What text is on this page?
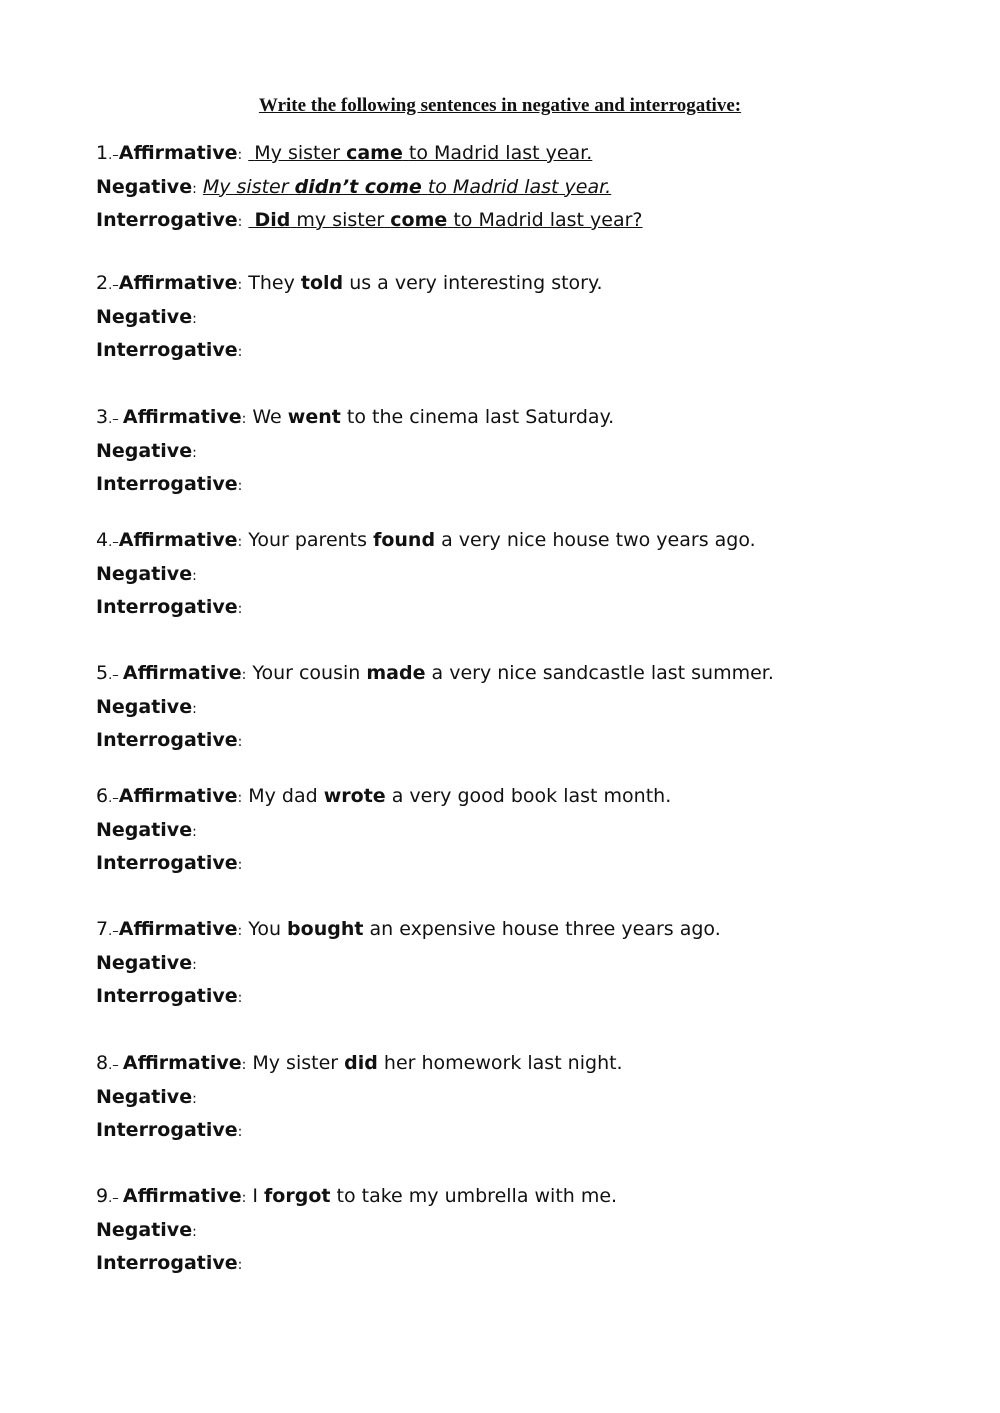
Write the following sentences in negative and interrogative:
1.–Affirmative: My sister came to Madrid last year.
Negative: My sister didn’t come to Madrid last year.
Interrogative: Did my sister come to Madrid last year?
2.–Affirmative: They told us a very interesting story.
Negative:
Interrogative:
3.– Affirmative: We went to the cinema last Saturday.
Negative:
Interrogative:
4.–Affirmative: Your parents found a very nice house two years ago.
Negative:
Interrogative:
5.– Affirmative: Your cousin made a very nice sandcastle last summer.
Negative:
Interrogative:
6.–Affirmative: My dad wrote a very good book last month.
Negative:
Interrogative:
7.–Affirmative: You bought an expensive house three years ago.
Negative:
Interrogative:
8.– Affirmative: My sister did her homework last night.
Negative:
Interrogative:
9.– Affirmative: I forgot to take my umbrella with me.
Negative:
Interrogative:
